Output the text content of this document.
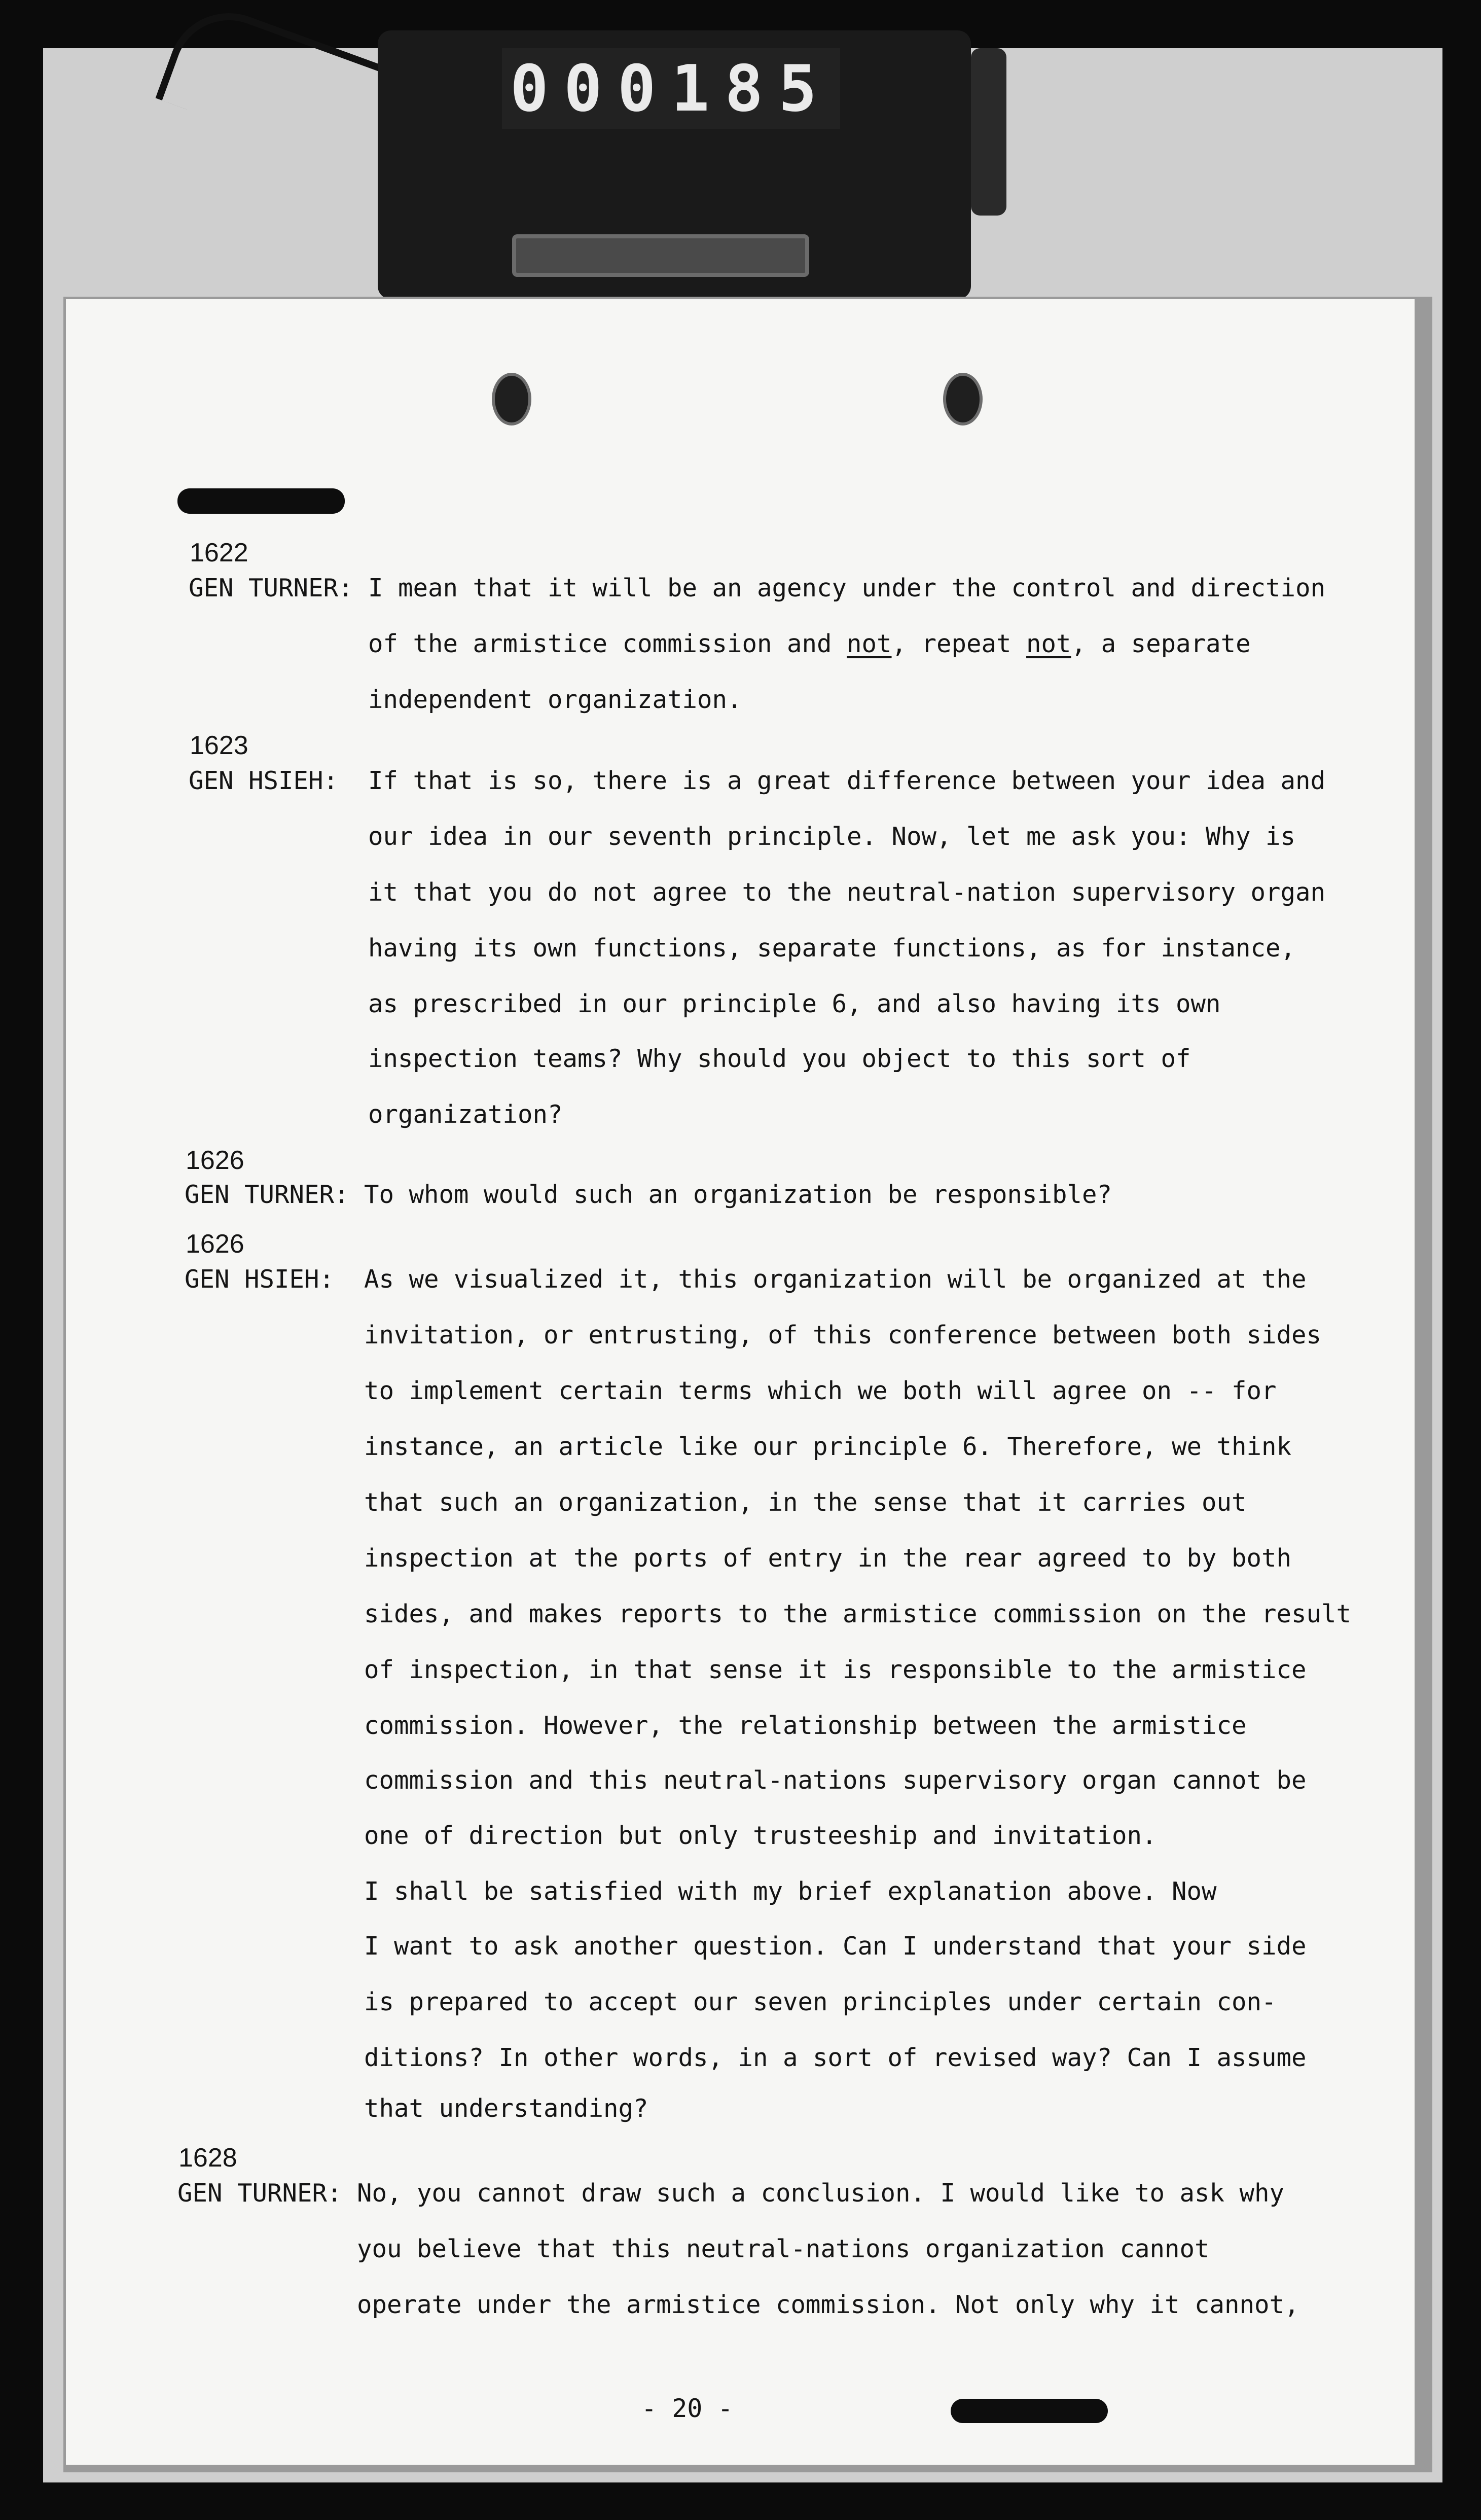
000185
1622
GEN TURNER: I mean that it will be an agency under the control and direction
of the armistice commission and not, repeat not, a separate
independent organization.
1623
GEN HSIEH: If that is so, there is a great difference between your idea and
our idea in our seventh principle. Now, let me ask you: Why is
it that you do not agree to the neutral-nation supervisory organ
having its own functions, separate functions, as for instance,
as prescribed in our principle 6, and also having its own
inspection teams? Why should you object to this sort of
organization?
1626
GEN TURNER: To whom would such an organization be responsible?
1626
GEN HSIEH: As we visualized it, this organization will be organized at the
invitation, or entrusting, of this conference between both sides
to implement certain terms which we both will agree on -- for
instance, an article like our principle 6. Therefore, we think
that such an organization, in the sense that it carries out
inspection at the ports of entry in the rear agreed to by both
sides, and makes reports to the armistice commission on the result
of inspection, in that sense it is responsible to the armistice
commission. However, the relationship between the armistice
commission and this neutral-nations supervisory organ cannot be
one of direction but only trusteeship and invitation.
I shall be satisfied with my brief explanation above. Now
I want to ask another question. Can I understand that your side
is prepared to accept our seven principles under certain con-
ditions? In other words, in a sort of revised way? Can I assume
that understanding?
1628
GEN TURNER: No, you cannot draw such a conclusion. I would like to ask why
you believe that this neutral-nations organization cannot
operate under the armistice commission. Not only why it cannot,
- 20 -
